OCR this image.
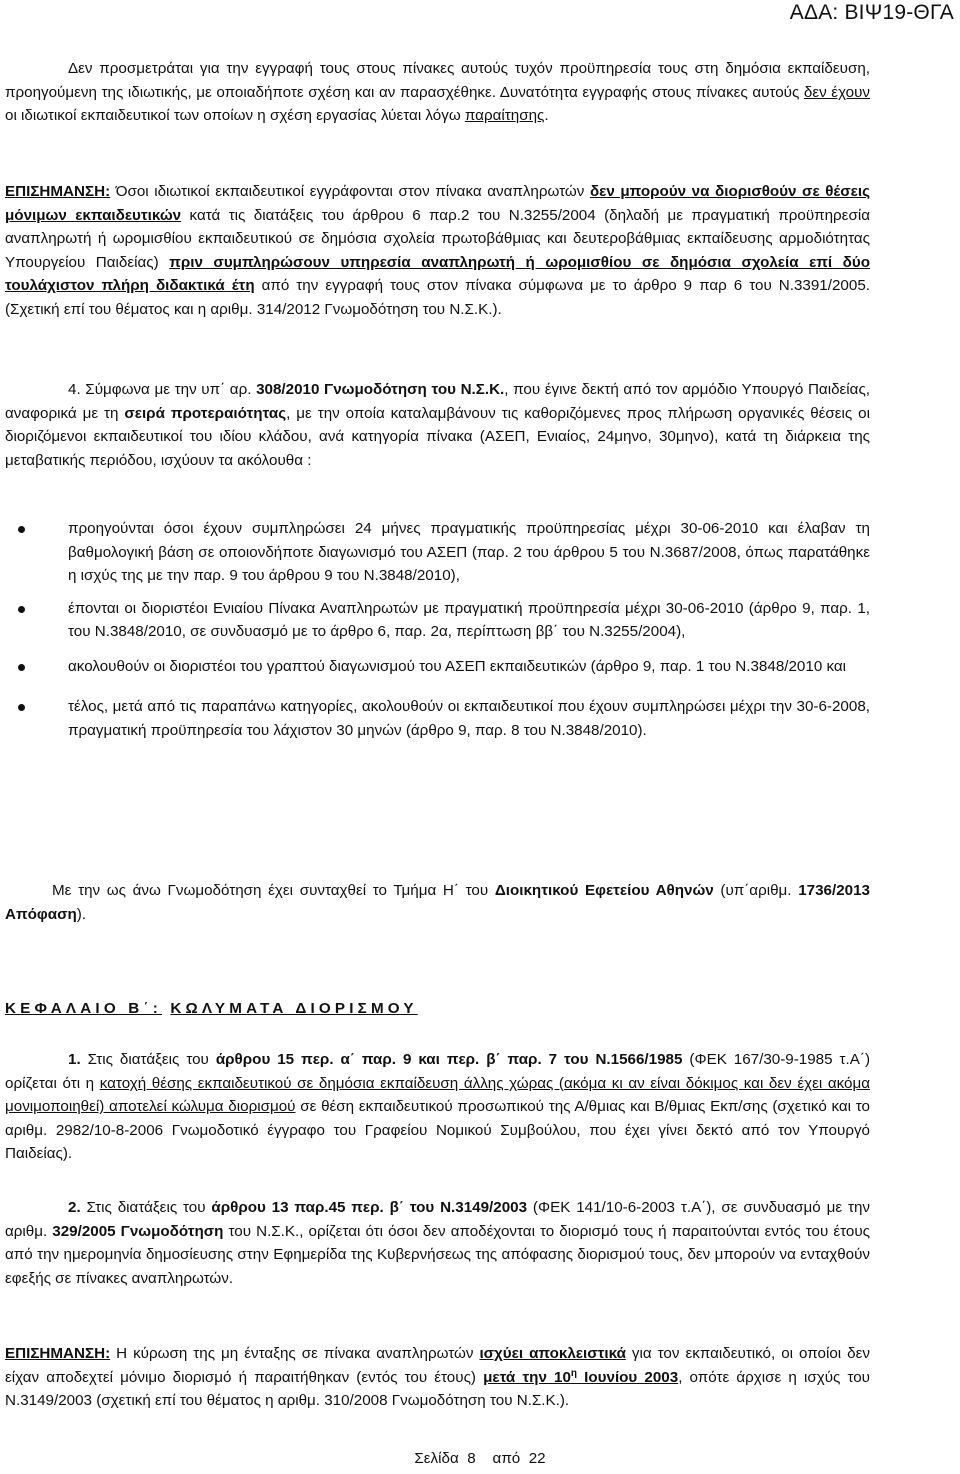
ΑΔΑ: ΒΙΨ19-ΘΓΑ

Δεν προσμετράται για την εγγραφή τους στους πίνακες αυτούς τυχόν προϋπηρεσία τους στη δημόσια εκπαίδευση, προηγούμενη της ιδιωτικής, με οποιαδήποτε σχέση και αν παρασχέθηκε. Δυνατότητα εγγραφής στους πίνακες αυτούς δεν έχουν οι ιδιωτικοί εκπαιδευτικοί των οποίων η σχέση εργασίας λύεται λόγω παραίτησης.

ΕΠΙΣΗΜΑΝΣΗ: Όσοι ιδιωτικοί εκπαιδευτικοί εγγράφονται στον πίνακα αναπληρωτών δεν μπορούν να διορισθούν σε θέσεις μόνιμων εκπαιδευτικών κατά τις διατάξεις του άρθρου 6 παρ.2 του Ν.3255/2004 (δηλαδή με πραγματική προϋπηρεσία αναπληρωτή ή ωρομισθίου εκπαιδευτικού σε δημόσια σχολεία πρωτοβάθμιας και δευτεροβάθμιας εκπαίδευσης αρμοδιότητας Υπουργείου Παιδείας) πριν συμπληρώσουν υπηρεσία αναπληρωτή ή ωρομισθίου σε δημόσια σχολεία επί δύο τουλάχιστον πλήρη διδακτικά έτη από την εγγραφή τους στον πίνακα σύμφωνα με το άρθρο 9 παρ 6 του Ν.3391/2005. (Σχετική επί του θέματος και η αριθμ. 314/2012 Γνωμοδότηση του Ν.Σ.Κ.).

4. Σύμφωνα με την υπ΄ αρ. 308/2010 Γνωμοδότηση του Ν.Σ.Κ., που έγινε δεκτή από τον αρμόδιο Υπουργό Παιδείας, αναφορικά με τη σειρά προτεραιότητας, με την οποία καταλαμβάνουν τις καθοριζόμενες προς πλήρωση οργανικές θέσεις οι διοριζόμενοι εκπαιδευτικοί του ιδίου κλάδου, ανά κατηγορία πίνακα (ΑΣΕΠ, Ενιαίος, 24μηνο, 30μηνο), κατά τη διάρκεια της μεταβατικής περιόδου, ισχύουν τα ακόλουθα :

προηγούνται όσοι έχουν συμπληρώσει 24 μήνες πραγματικής προϋπηρεσίας μέχρι 30-06-2010 και έλαβαν τη βαθμολογική βάση σε οποιονδήποτε διαγωνισμό του ΑΣΕΠ (παρ. 2 του άρθρου 5 του Ν.3687/2008, όπως παρατάθηκε η ισχύς της με την παρ. 9 του άρθρου 9 του Ν.3848/2010),
έπονται οι διοριστέοι Ενιαίου Πίνακα Αναπληρωτών με πραγματική προϋπηρεσία μέχρι 30-06-2010 (άρθρο 9, παρ. 1, του Ν.3848/2010, σε συνδυασμό με το άρθρο 6, παρ. 2α, περίπτωση ββ΄ του Ν.3255/2004),
ακολουθούν οι διοριστέοι του γραπτού διαγωνισμού του ΑΣΕΠ εκπαιδευτικών (άρθρο 9, παρ. 1 του Ν.3848/2010 και
τέλος, μετά από τις παραπάνω κατηγορίες, ακολουθούν οι εκπαιδευτικοί που έχουν συμπληρώσει μέχρι την 30-6-2008, πραγματική προϋπηρεσία του λάχιστον 30 μηνών (άρθρο 9, παρ. 8 του Ν.3848/2010).

Με την ως άνω Γνωμοδότηση έχει συνταχθεί το Τμήμα Η΄ του Διοικητικού Εφετείου Αθηνών (υπ΄αριθμ. 1736/2013 Απόφαση).

ΚΕΦΑΛΑΙΟ Β΄: ΚΩΛΥΜΑΤΑ ΔΙΟΡΙΣΜΟΥ

1. Στις διατάξεις του άρθρου 15 περ. α΄ παρ. 9 και περ. β΄ παρ. 7 του Ν.1566/1985 (ΦΕΚ 167/30-9-1985 τ.Α΄) ορίζεται ότι η κατοχή θέσης εκπαιδευτικού σε δημόσια εκπαίδευση άλλης χώρας (ακόμα κι αν είναι δόκιμος και δεν έχει ακόμα μονιμοποιηθεί) αποτελεί κώλυμα διορισμού σε θέση εκπαιδευτικού προσωπικού της Α/θμιας και Β/θμιας Εκπ/σης (σχετικό και το αριθμ. 2982/10-8-2006 Γνωμοδοτικό έγγραφο του Γραφείου Νομικού Συμβούλου, που έχει γίνει δεκτό από τον Υπουργό Παιδείας).

2. Στις διατάξεις του άρθρου 13 παρ.45 περ. β΄ του Ν.3149/2003 (ΦΕΚ 141/10-6-2003 τ.Α΄), σε συνδυασμό με την αριθμ. 329/2005 Γνωμοδότηση του Ν.Σ.Κ., ορίζεται ότι όσοι δεν αποδέχονται το διορισμό τους ή παραιτούνται εντός του έτους από την ημερομηνία δημοσίευσης στην Εφημερίδα της Κυβερνήσεως της απόφασης διορισμού τους, δεν μπορούν να ενταχθούν εφεξής σε πίνακες αναπληρωτών.

ΕΠΙΣΗΜΑΝΣΗ: Η κύρωση της μη ένταξης σε πίνακα αναπληρωτών ισχύει αποκλειστικά για τον εκπαιδευτικό, οι οποίοι δεν είχαν αποδεχτεί μόνιμο διορισμό ή παραιτήθηκαν (εντός του έτους) μετά την $10^\eta$ Ιουνίου 2003, οπότε άρχισε η ισχύς του Ν.3149/2003 (σχετική επί του θέματος η αριθμ. 310/2008 Γνωμοδότηση του Ν.Σ.Κ.).

Σελίδα 8 από 22
